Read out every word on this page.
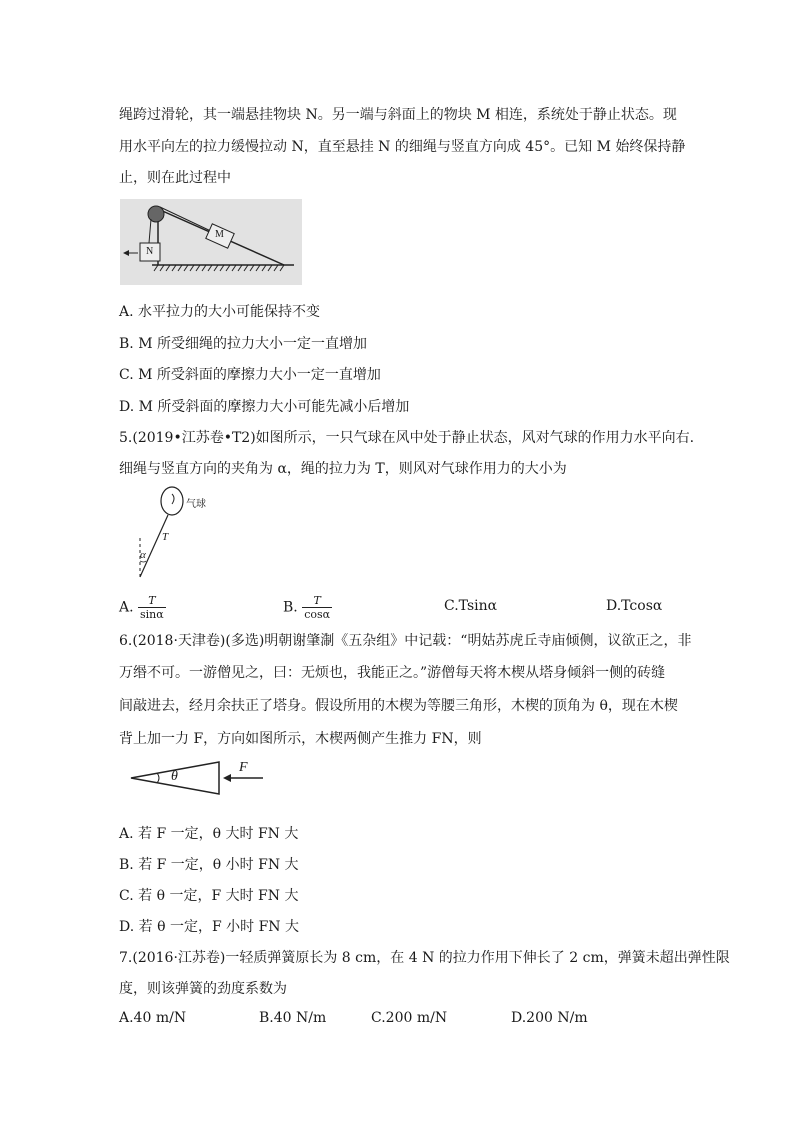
绳跨过滑轮，其一端悬挂物块 N。另一端与斜面上的物块 M 相连，系统处于静止状态。现
用水平向左的拉力缓慢拉动 N，直至悬挂 N 的细绳与竖直方向成 45°。已知 M 始终保持静
止，则在此过程中
M
N
A. 水平拉力的大小可能保持不变
B. M 所受细绳的拉力大小一定一直增加
C. M 所受斜面的摩擦力大小一定一直增加
D. M 所受斜面的摩擦力大小可能先减小后增加
5.(2019•江苏卷•T2)如图所示，一只气球在风中处于静止状态，风对气球的作用力水平向右.
细绳与竖直方向的夹角为 α，绳的拉力为 T，则风对气球作用力的大小为
气球
T
α
A. $\frac{T}{\sin\alpha}$	B. $\frac{T}{\cos\alpha}$	C.Tsinα	D.Tcosα
6.(2018·天津卷)(多选)明朝谢肇淛《五杂组》中记载：“明姑苏虎丘寺庙倾侧，议欲正之，非
万缗不可。一游僧见之，曰：无烦也，我能正之。”游僧每天将木楔从塔身倾斜一侧的砖缝
间敲进去，经月余扶正了塔身。假设所用的木楔为等腰三角形，木楔的顶角为 θ，现在木楔
背上加一力 F，方向如图所示，木楔两侧产生推力 FN，则
θ
F
A. 若 F 一定，θ 大时 FN 大
B. 若 F 一定，θ 小时 FN 大
C. 若 θ 一定，F 大时 FN 大
D. 若 θ 一定，F 小时 FN 大
7.(2016·江苏卷)一轻质弹簧原长为 8 cm，在 4 N 的拉力作用下伸长了 2 cm，弹簧未超出弹性限
度，则该弹簧的劲度系数为
A.40 m/N	B.40 N/m	C.200 m/N	D.200 N/m
